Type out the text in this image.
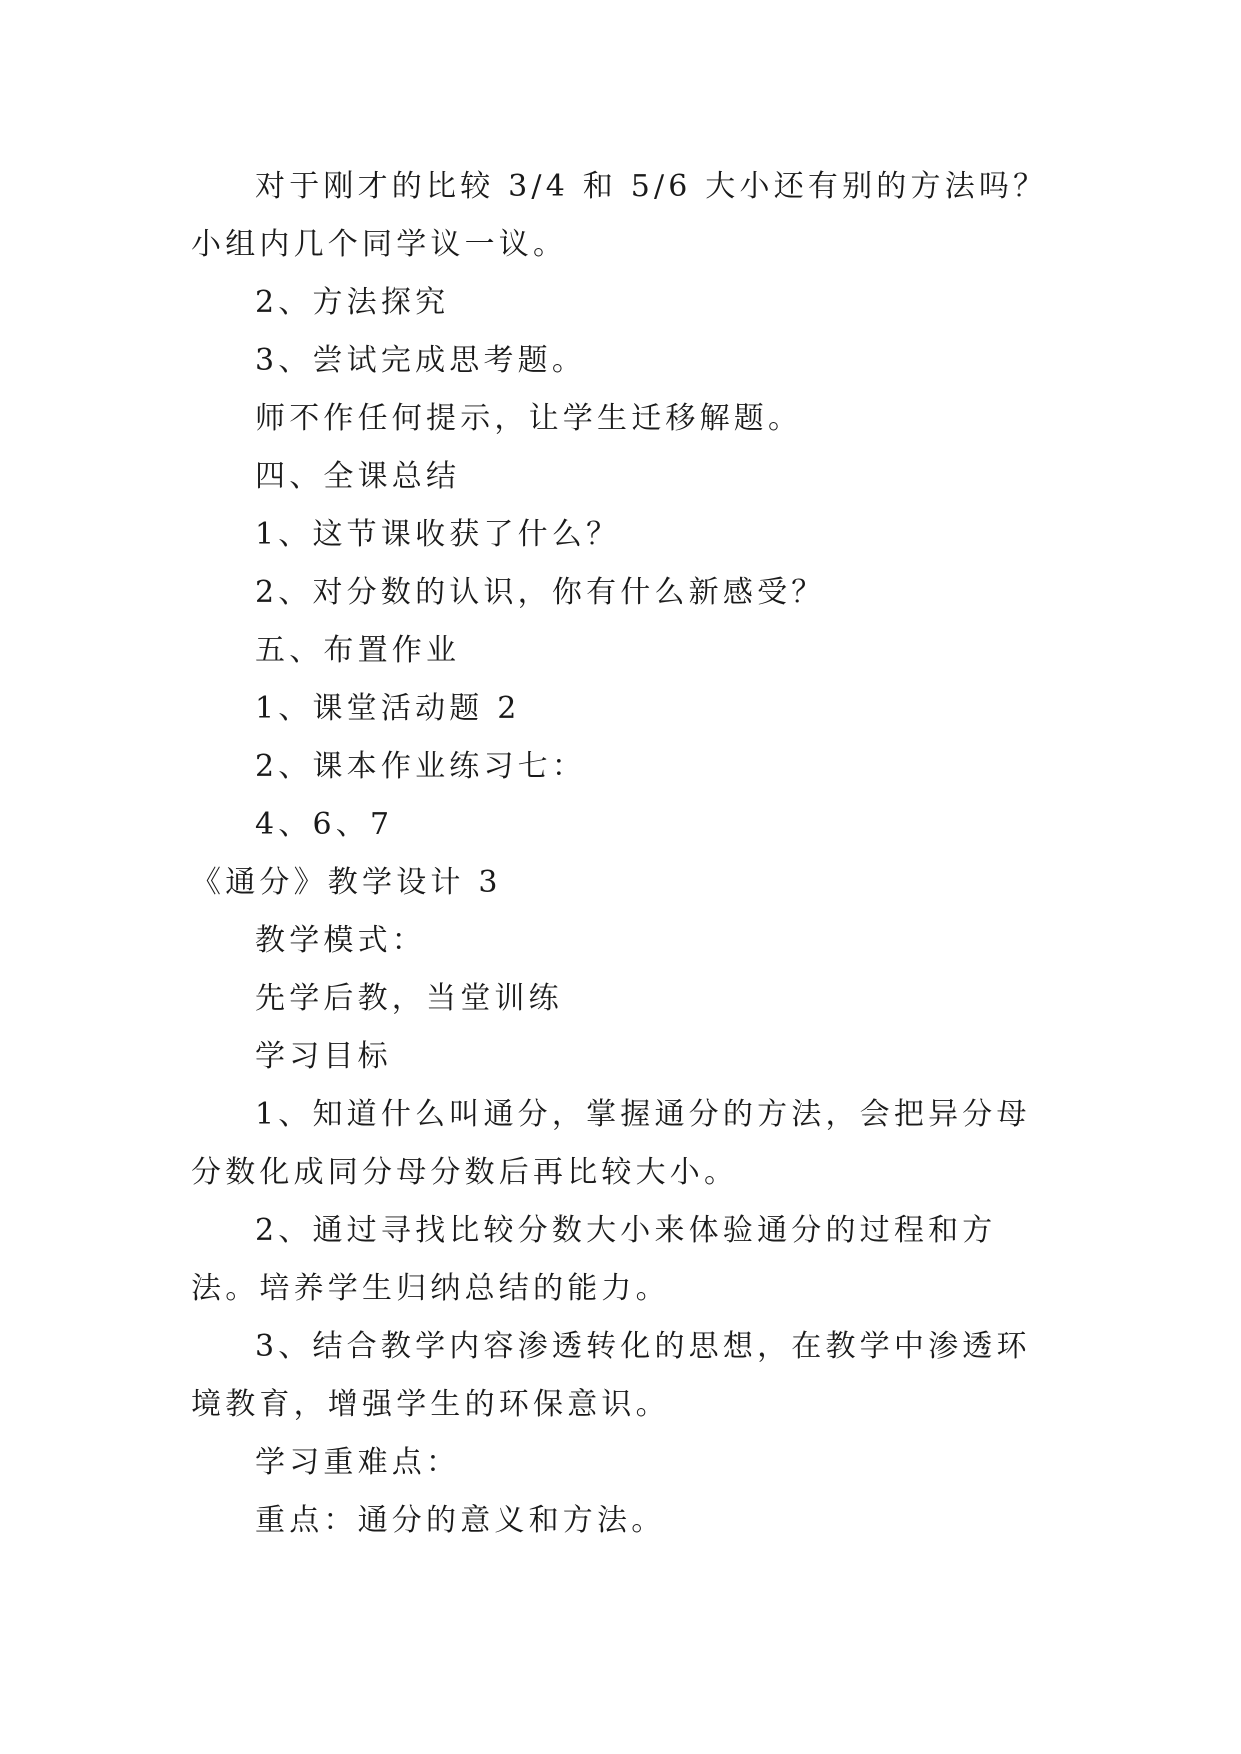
对于刚才的比较 3/4 和 5/6 大小还有别的方法吗？小组内几个同学议一议。

2、方法探究

3、尝试完成思考题。

师不作任何提示，让学生迁移解题。

四、全课总结

1、这节课收获了什么？

2、对分数的认识，你有什么新感受？

五、布置作业

1、课堂活动题 2

2、课本作业练习七：

4、6、7

《通分》教学设计 3

教学模式：

先学后教，当堂训练

学习目标

1、知道什么叫通分，掌握通分的方法，会把异分母分数化成同分母分数后再比较大小。

2、通过寻找比较分数大小来体验通分的过程和方法。培养学生归纳总结的能力。

3、结合教学内容渗透转化的思想，在教学中渗透环境教育，增强学生的环保意识。

学习重难点：

重点：通分的意义和方法。
